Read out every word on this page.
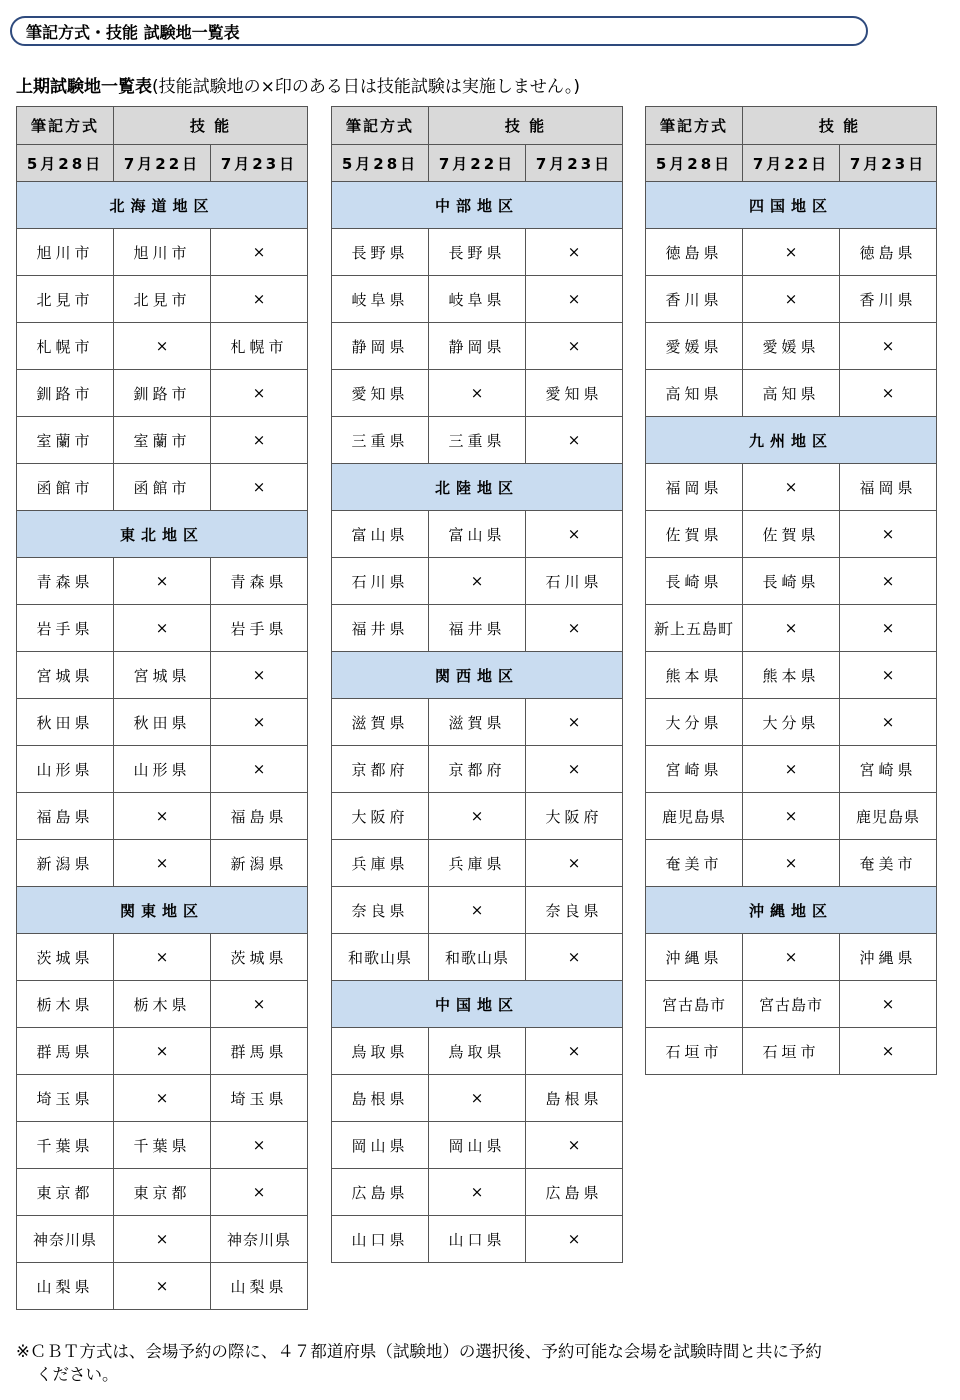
筆記方式・技能 試験地一覧表
上期試験地一覧表(技能試験地の×印のある日は技能試験は実施しません。)
筆記方式	技 能	
5月28日	7月22日	7月23日
北海道地区		
旭川市	旭川市	×
北見市	北見市	×
札幌市	×	札幌市
釧路市	釧路市	×
室蘭市	室蘭市	×
函館市	函館市	×
東北地区		
青森県	×	青森県
岩手県	×	岩手県
宮城県	宮城県	×
秋田県	秋田県	×
山形県	山形県	×
福島県	×	福島県
新潟県	×	新潟県
関東地区		
茨城県	×	茨城県
栃木県	栃木県	×
群馬県	×	群馬県
埼玉県	×	埼玉県
千葉県	千葉県	×
東京都	東京都	×
神奈川県	×	神奈川県
山梨県	×	山梨県
筆記方式	技 能	
5月28日	7月22日	7月23日
中部地区		
長野県	長野県	×
岐阜県	岐阜県	×
静岡県	静岡県	×
愛知県	×	愛知県
三重県	三重県	×
北陸地区		
富山県	富山県	×
石川県	×	石川県
福井県	福井県	×
関西地区		
滋賀県	滋賀県	×
京都府	京都府	×
大阪府	×	大阪府
兵庫県	兵庫県	×
奈良県	×	奈良県
和歌山県	和歌山県	×
中国地区		
鳥取県	鳥取県	×
島根県	×	島根県
岡山県	岡山県	×
広島県	×	広島県
山口県	山口県	×
筆記方式	技 能	
5月28日	7月22日	7月23日
四国地区		
徳島県	×	徳島県
香川県	×	香川県
愛媛県	愛媛県	×
高知県	高知県	×
九州地区		
福岡県	×	福岡県
佐賀県	佐賀県	×
長崎県	長崎県	×
新上五島町	×	×
熊本県	熊本県	×
大分県	大分県	×
宮崎県	×	宮崎県
鹿児島県	×	鹿児島県
奄美市	×	奄美市
沖縄地区		
沖縄県	×	沖縄県
宮古島市	宮古島市	×
石垣市	石垣市	×
※ＣＢＴ方式は、会場予約の際に、４７都道府県（試験地）の選択後、予約可能な会場を試験時間と共に予約
ください。
